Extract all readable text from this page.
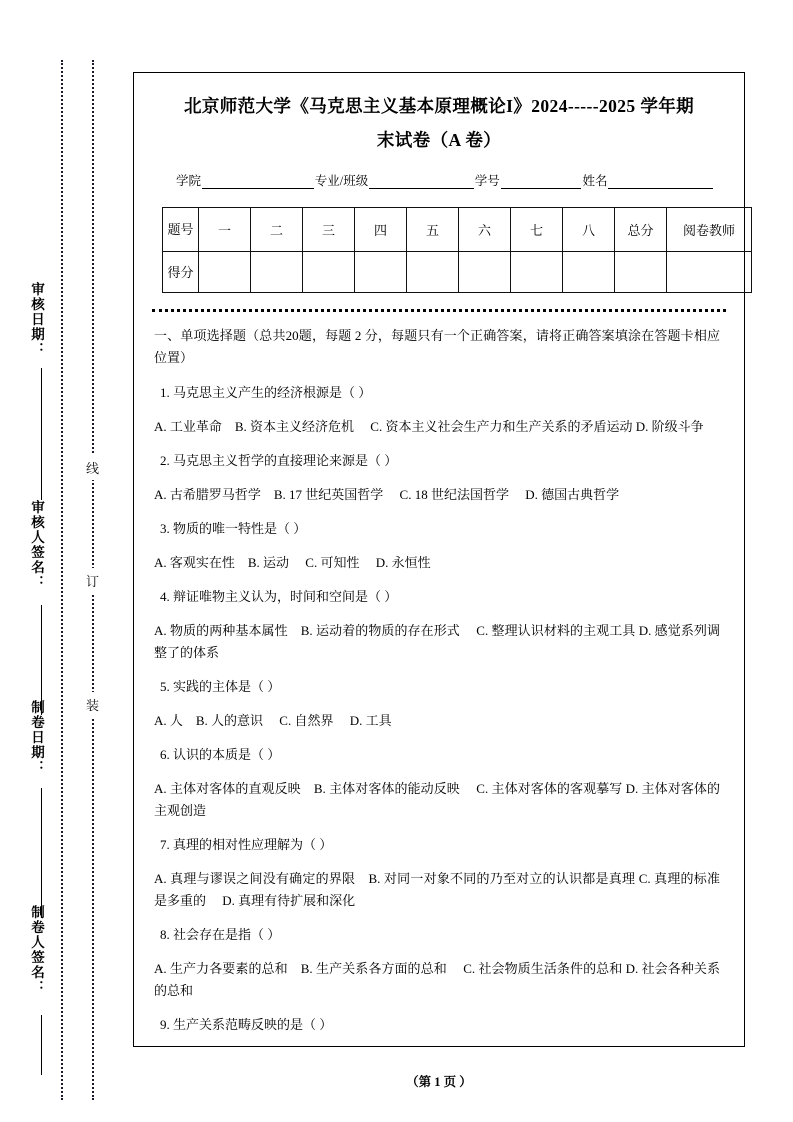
审核日期：
审核人签名：
制卷日期：
制卷人签名：
线
订
装
北京师范大学《马克思主义基本原理概论I》2024-----2025 学年期
末试卷（A 卷）
学院	专业/班级	学号	姓名
题号	一	二	三	四	五	六	七	八	总分	阅卷教师

得分										

一、单项选择题（总共20题，每题 2 分，每题只有一个正确答案，请将正确答案填涂在答题卡相应位置）
1. 马克思主义产生的经济根源是（ ）
A. 工业革命　B. 资本主义经济危机　 C. 资本主义社会生产力和生产关系的矛盾运动 D. 阶级斗争
2. 马克思主义哲学的直接理论来源是（ ）
A. 古希腊罗马哲学　B. 17 世纪英国哲学　 C. 18 世纪法国哲学　 D. 德国古典哲学
3. 物质的唯一特性是（ ）
A. 客观实在性　B. 运动　 C. 可知性　 D. 永恒性
4. 辩证唯物主义认为，时间和空间是（ ）
A. 物质的两种基本属性　B. 运动着的物质的存在形式　 C. 整理认识材料的主观工具 D. 感觉系列调整了的体系
5. 实践的主体是（ ）
A. 人　B. 人的意识　 C. 自然界　 D. 工具
6. 认识的本质是（ ）
A. 主体对客体的直观反映　B. 主体对客体的能动反映　 C. 主体对客体的客观摹写 D. 主体对客体的主观创造
7. 真理的相对性应理解为（ ）
A. 真理与谬误之间没有确定的界限　B. 对同一对象不同的乃至对立的认识都是真理 C. 真理的标准是多重的　 D. 真理有待扩展和深化
8. 社会存在是指（ ）
A. 生产力各要素的总和　B. 生产关系各方面的总和　 C. 社会物质生活条件的总和 D. 社会各种关系的总和
9. 生产关系范畴反映的是（ ）
（第 1 页 ）
